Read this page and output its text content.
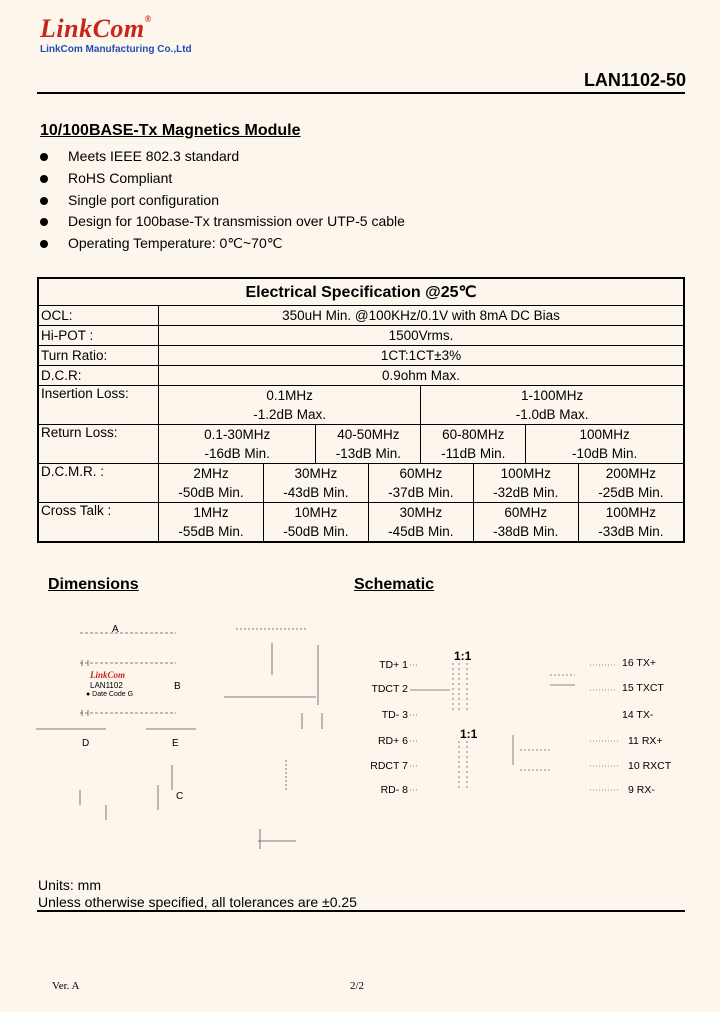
LinkCom®
LinkCom Manufacturing Co.,Ltd
LAN1102-50
10/100BASE-Tx Magnetics Module
Meets IEEE 802.3 standard
RoHS Compliant
Single port configuration
Design for 100base-Tx transmission over UTP-5 cable
Operating Temperature: 0℃~70℃
Electrical Specification @25℃								
OCL:	350uH Min. @100KHz/0.1V with 8mA DC Bias							
Hi-POT :	1500Vrms.							
Turn Ratio:	1CT:1CT±3%							
D.C.R:	0.9ohm Max.							
Insertion Loss:	0.1MHz				1-100MHz			
	-1.2dB Max.				-1.0dB Max.			
Return Loss:	0.1-30MHz		40-50MHz		60-80MHz		100MHz	
	-16dB Min.		-13dB Min.		-11dB Min.		-10dB Min.	
D.C.M.R. :	2MHz	30MHz		60MHz		100MHz		200MHz
	-50dB Min.	-43dB Min.		-37dB Min.		-32dB Min.		-25dB Min.
Cross Talk :	1MHz	10MHz		30MHz		60MHz		100MHz
	-55dB Min.	-50dB Min.		-45dB Min.		-38dB Min.		-33dB Min.
Dimensions	Schematic
A
B
C
D	E
LinkCom
LAN1102
● Date Code G
1:1
1:1
TD+ 1
TDCT 2
TD- 3
RD+ 6
RDCT 7
RD- 8
16 TX+
15 TXCT
14 TX-
11 RX+
10 RXCT
9 RX-
Units: mm
Unless otherwise specified, all tolerances are ±0.25
Ver. A	2/2
